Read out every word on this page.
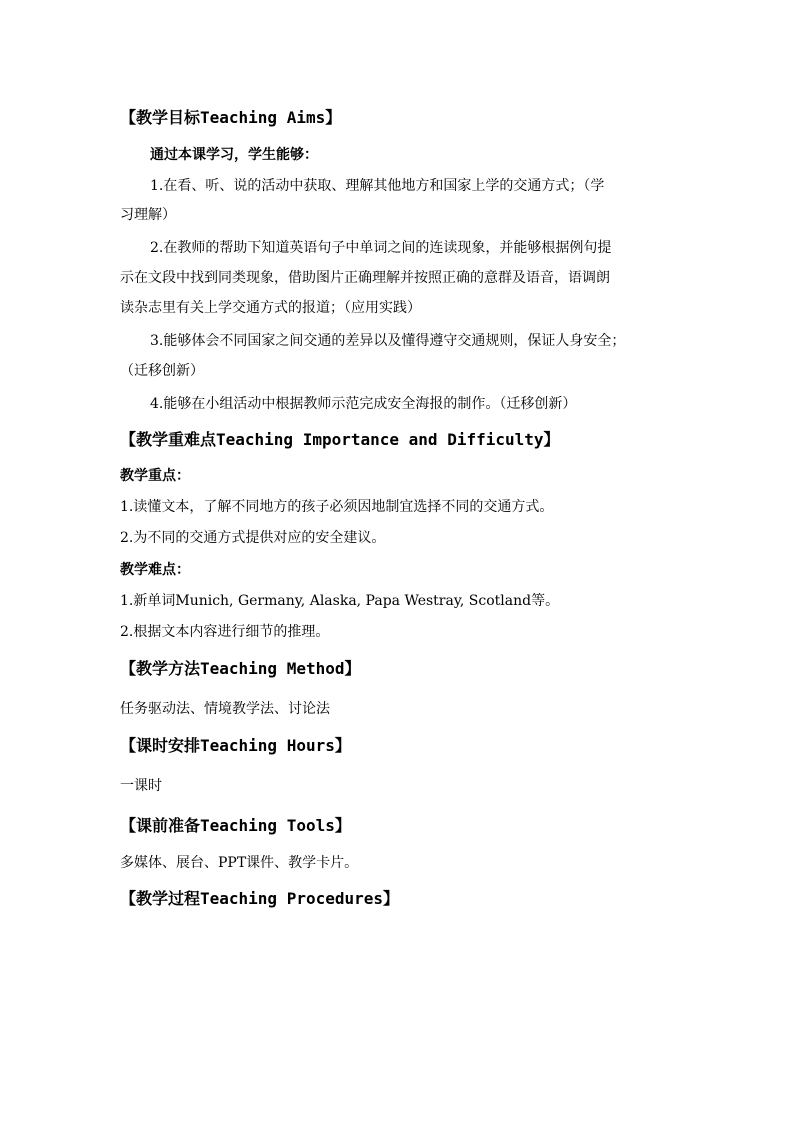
【教学目标Teaching Aims】
通过本课学习，学生能够：
1.在看、听、说的活动中获取、理解其他地方和国家上学的交通方式；（学
习理解）
2.在教师的帮助下知道英语句子中单词之间的连读现象，并能够根据例句提
示在文段中找到同类现象，借助图片正确理解并按照正确的意群及语音，语调朗
读杂志里有关上学交通方式的报道；（应用实践）
3.能够体会不同国家之间交通的差异以及懂得遵守交通规则，保证人身安全；
（迁移创新）
4.能够在小组活动中根据教师示范完成安全海报的制作。（迁移创新）
【教学重难点Teaching Importance and Difficulty】
教学重点：
1.读懂文本，了解不同地方的孩子必须因地制宜选择不同的交通方式。
2.为不同的交通方式提供对应的安全建议。
教学难点：
1.新单词Munich, Germany, Alaska, Papa Westray, Scotland等。
2.根据文本内容进行细节的推理。
【教学方法Teaching Method】
任务驱动法、情境教学法、讨论法
【课时安排Teaching Hours】
一课时
【课前准备Teaching Tools】
多媒体、展台、PPT课件、教学卡片。
【教学过程Teaching Procedures】
